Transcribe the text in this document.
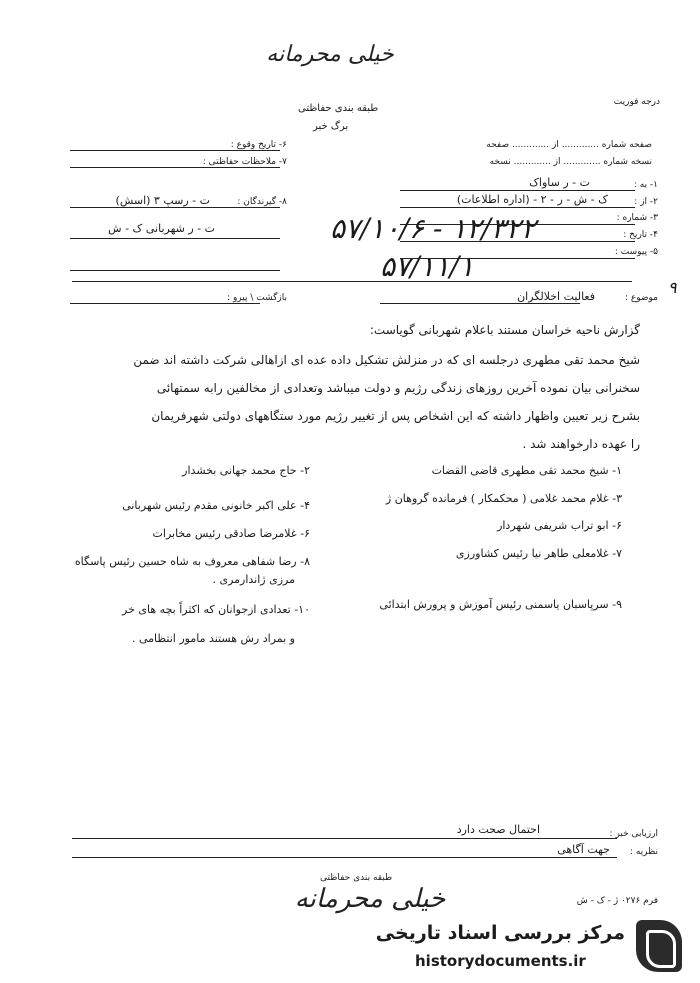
خیلی محرمانه
طبقه بندی حفاظتی
برگ خبر
درجه فوریت
صفحه شماره ............. از ............. صفحه
نسخه شماره ............. از ............. نسخه
۱- به :
ت - ر ساواک
۲- از :
ک - ش - ر - ۲ - (اداره اطلاعات)
۳- شماره :
۴- تاریخ :
۵- پیوست :
۱۲/۳۲۲ - ۵۷/۱۰/۶
۵۷/۱۱/۱
۶- تاریخ وقوع :
۷- ملاحظات حفاظتی :
۸- گیرندگان :
ت - رسپ ۳ (اسش)
ت - ر شهربانی ک - ش
موضوع :
فعالیت اخلالگران
بازگشت \ پیرو :
۹
گزارش ناحیه خراسان مستند باعلام شهربانی گویاست:
شیخ محمد تقی مطهری درجلسه ای که در منزلش تشکیل داده عده ای ازاهالی شرکت داشته اند ضمن
سخنرانی بیان نموده آخرین روزهای زندگی رژیم و دولت میباشد وتعدادی از مخالفین رابه سمتهائی
بشرح زیر تعیین واظهار داشته که این اشخاص پس از تغییر رژیم مورد ستگاههای دولتی شهرفریمان
را عهده دارخواهند شد .
۱- شیخ محمد تقی مطهری قاضی القضات
۳- غلام محمد غلامی ( محکمکار ) فرمانده گروهان ژ
۶- ابو تراب شریفی شهردار
۷- غلامعلی طاهر نیا رئیس کشاورزی
۹- سرپاسبان یاسمنی رئیس آموزش و پرورش ابتدائی
۲- حاج محمد جهانی بخشدار
۴- علی اکبر خانونی مقدم رئیس شهربانی
۶- غلامرضا صادقی رئیس مخابرات
۸- رضا شفاهی معروف به شاه حسین رئیس پاسگاه
مرزی ژاندارمری .
۱۰- تعدادی ازجوانان که اکثراً بچه های خر
و بمراد رش هستند مامور انتظامی .
ارزیابی خبر :
احتمال صحت دارد
نظریه :
جهت آگاهی
طبقه بندی حفاظتی
خیلی محرمانه	فرم ۰۲۷۶ ژ - ک - ش
مرکز بررسی اسناد تاریخی
historydocuments.ir
